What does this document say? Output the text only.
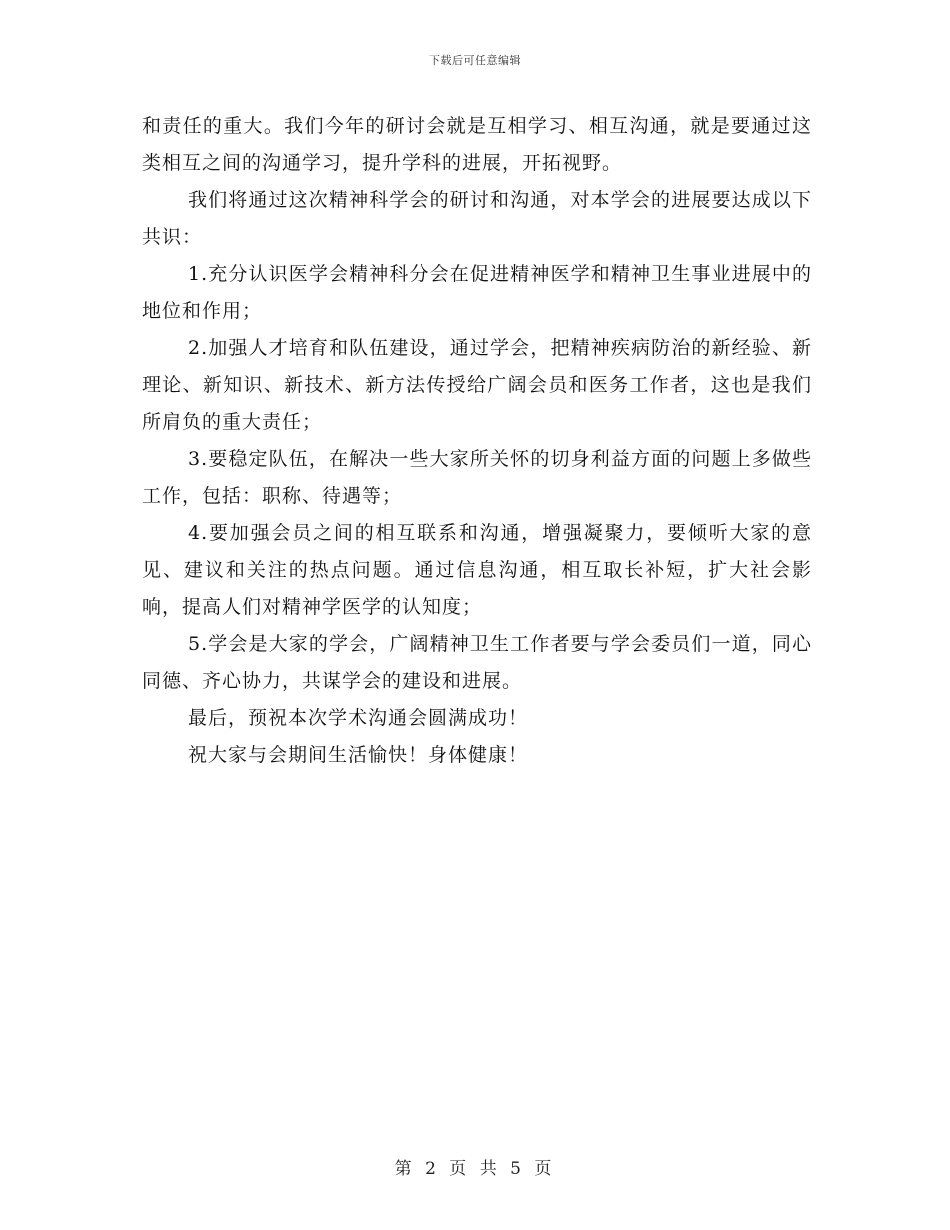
下载后可任意编辑

和责任的重大。我们今年的研讨会就是互相学习、相互沟通，就是要通过这类相互之间的沟通学习，提升学科的进展，开拓视野。

我们将通过这次精神科学会的研讨和沟通，对本学会的进展要达成以下共识：

1.充分认识医学会精神科分会在促进精神医学和精神卫生事业进展中的地位和作用；

2.加强人才培育和队伍建设，通过学会，把精神疾病防治的新经验、新理论、新知识、新技术、新方法传授给广阔会员和医务工作者，这也是我们所肩负的重大责任；

3.要稳定队伍，在解决一些大家所关怀的切身利益方面的问题上多做些工作，包括：职称、待遇等；

4.要加强会员之间的相互联系和沟通，增强凝聚力，要倾听大家的意见、建议和关注的热点问题。通过信息沟通，相互取长补短，扩大社会影响，提高人们对精神学医学的认知度；

5.学会是大家的学会，广阔精神卫生工作者要与学会委员们一道，同心同德、齐心协力，共谋学会的建设和进展。

最后，预祝本次学术沟通会圆满成功！

祝大家与会期间生活愉快！身体健康！

第 2 页 共 5 页
